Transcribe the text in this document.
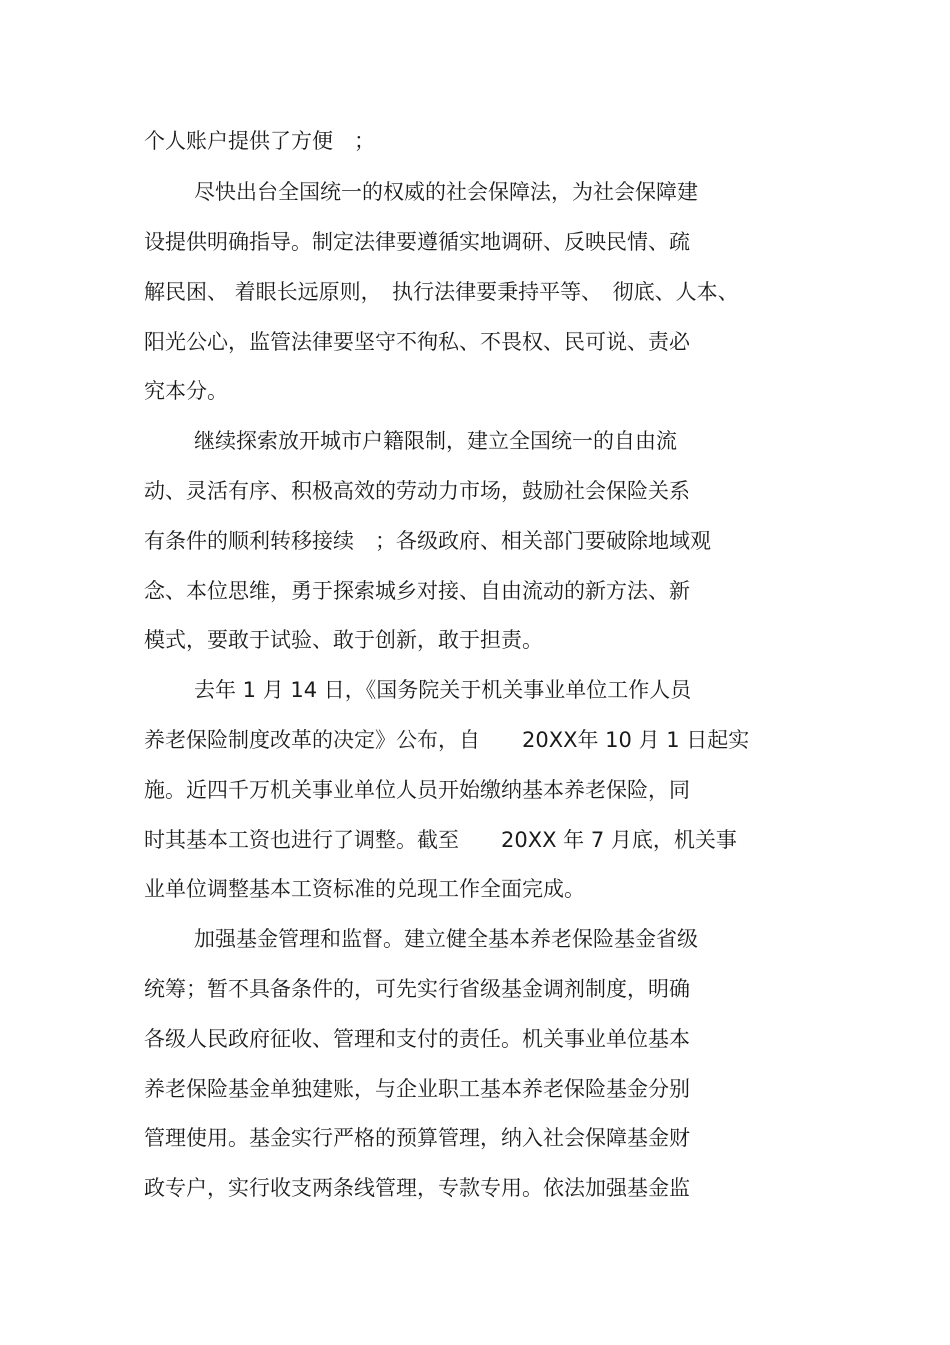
个人账户提供了方便　；
尽快出台全国统一的权威的社会保障法，为社会保障建
设提供明确指导。制定法律要遵循实地调研、反映民情、疏
解民困、 着眼长远原则，　执行法律要秉持平等、　彻底、人本、
阳光公心，监管法律要坚守不徇私、不畏权、民可说、责必
究本分。
继续探索放开城市户籍限制，建立全国统一的自由流
动、灵活有序、积极高效的劳动力市场，鼓励社会保险关系
有条件的顺利转移接续　；各级政府、相关部门要破除地域观
念、本位思维，勇于探索城乡对接、自由流动的新方法、新
模式，要敢于试验、敢于创新，敢于担责。
去年 1 月 14 日，《国务院关于机关事业单位工作人员
养老保险制度改革的决定》公布，自　　20XX年 10 月 1 日起实
施。近四千万机关事业单位人员开始缴纳基本养老保险，同
时其基本工资也进行了调整。截至　　20XX 年 7 月底，机关事
业单位调整基本工资标准的兑现工作全面完成。
加强基金管理和监督。建立健全基本养老保险基金省级
统筹；暂不具备条件的，可先实行省级基金调剂制度，明确
各级人民政府征收、管理和支付的责任。机关事业单位基本
养老保险基金单独建账，与企业职工基本养老保险基金分别
管理使用。基金实行严格的预算管理，纳入社会保障基金财
政专户，实行收支两条线管理，专款专用。依法加强基金监
